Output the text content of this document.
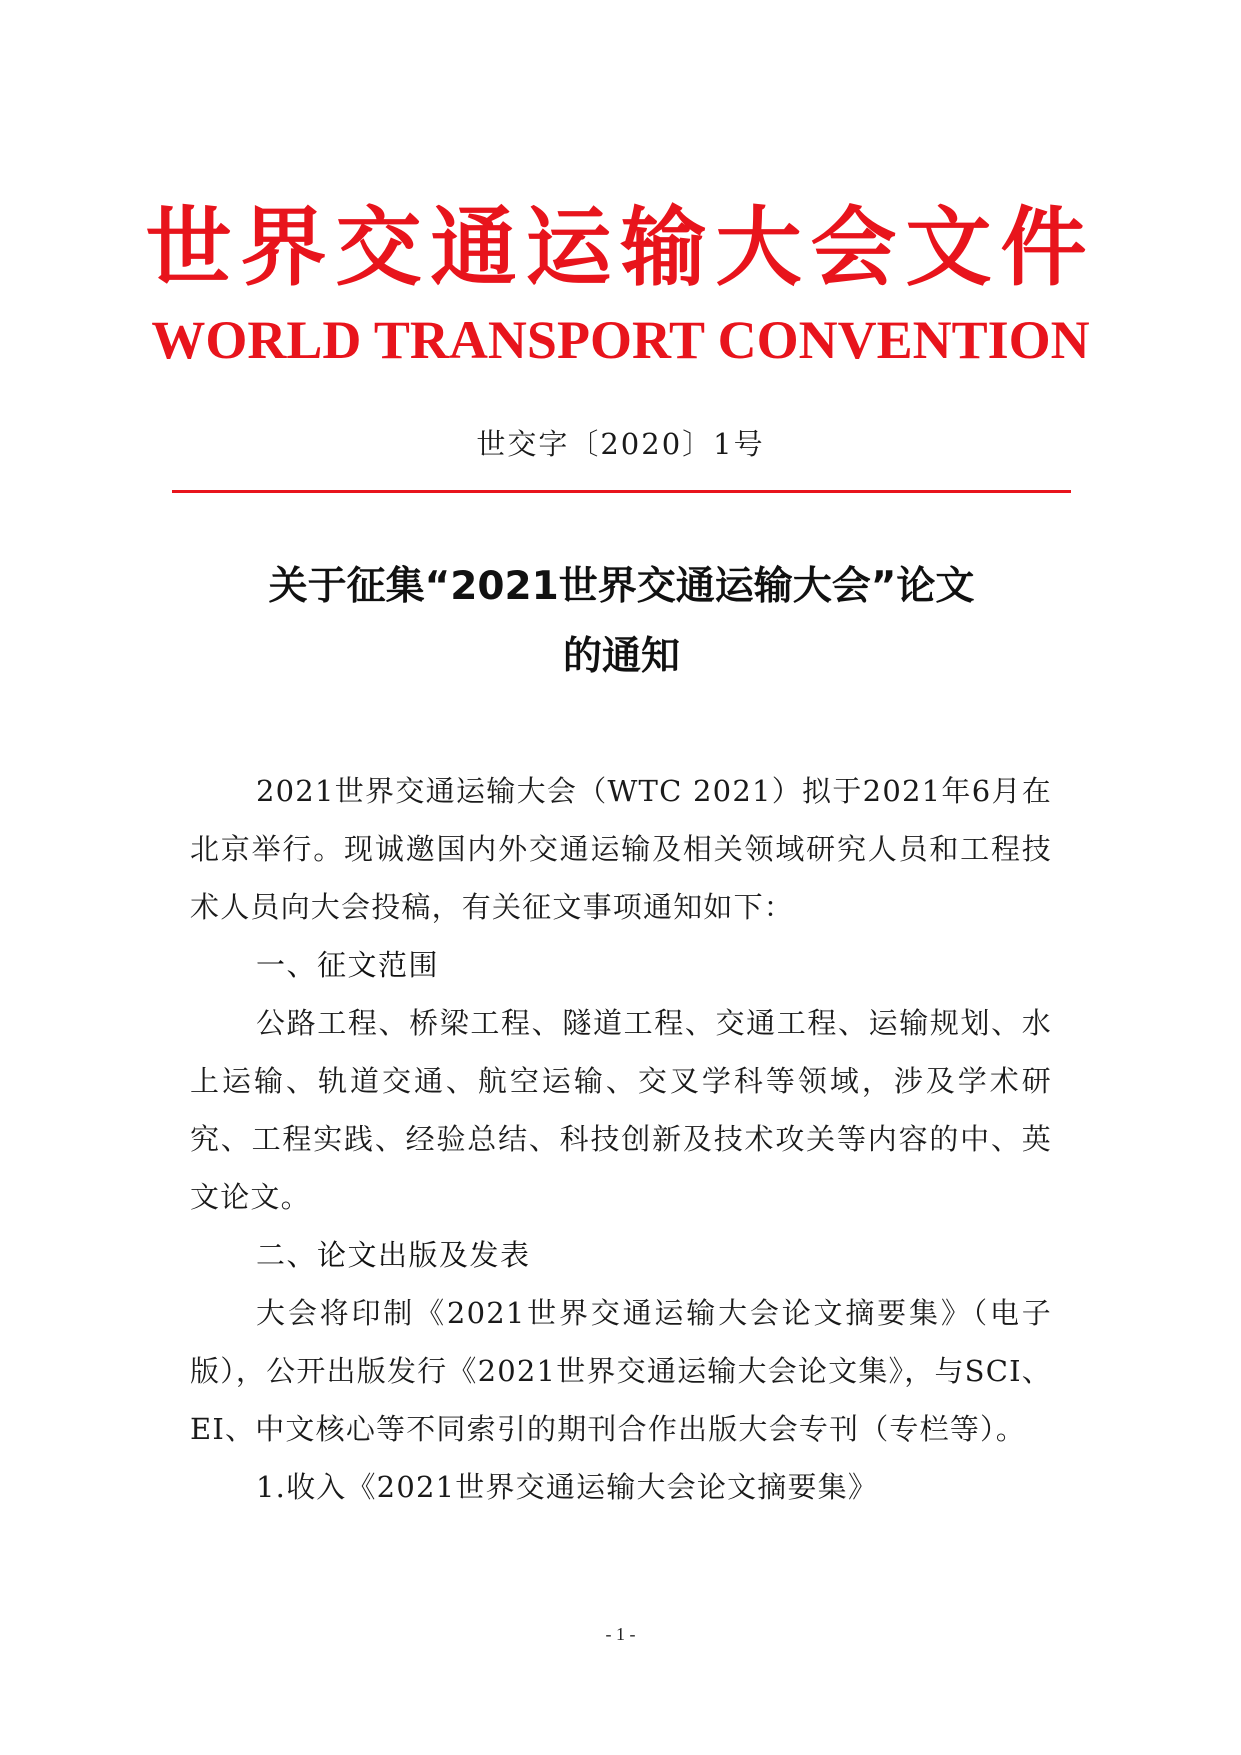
世界交通运输大会文件
WORLD TRANSPORT CONVENTION
世交字〔2020〕1号
关于征集“2021世界交通运输大会”论文
的通知

2021世界交通运输大会（WTC 2021）拟于2021年6月在北京举行。现诚邀国内外交通运输及相关领域研究人员和工程技术人员向大会投稿，有关征文事项通知如下：

一、征文范围

公路工程、桥梁工程、隧道工程、交通工程、运输规划、水上运输、轨道交通、航空运输、交叉学科等领域，涉及学术研究、工程实践、经验总结、科技创新及技术攻关等内容的中、英文论文。

二、论文出版及发表

大会将印制《2021世界交通运输大会论文摘要集》（电子版），公开出版发行《2021世界交通运输大会论文集》，与SCI、EI、中文核心等不同索引的期刊合作出版大会专刊（专栏等）。

1.收入《2021世界交通运输大会论文摘要集》

- 1 -
